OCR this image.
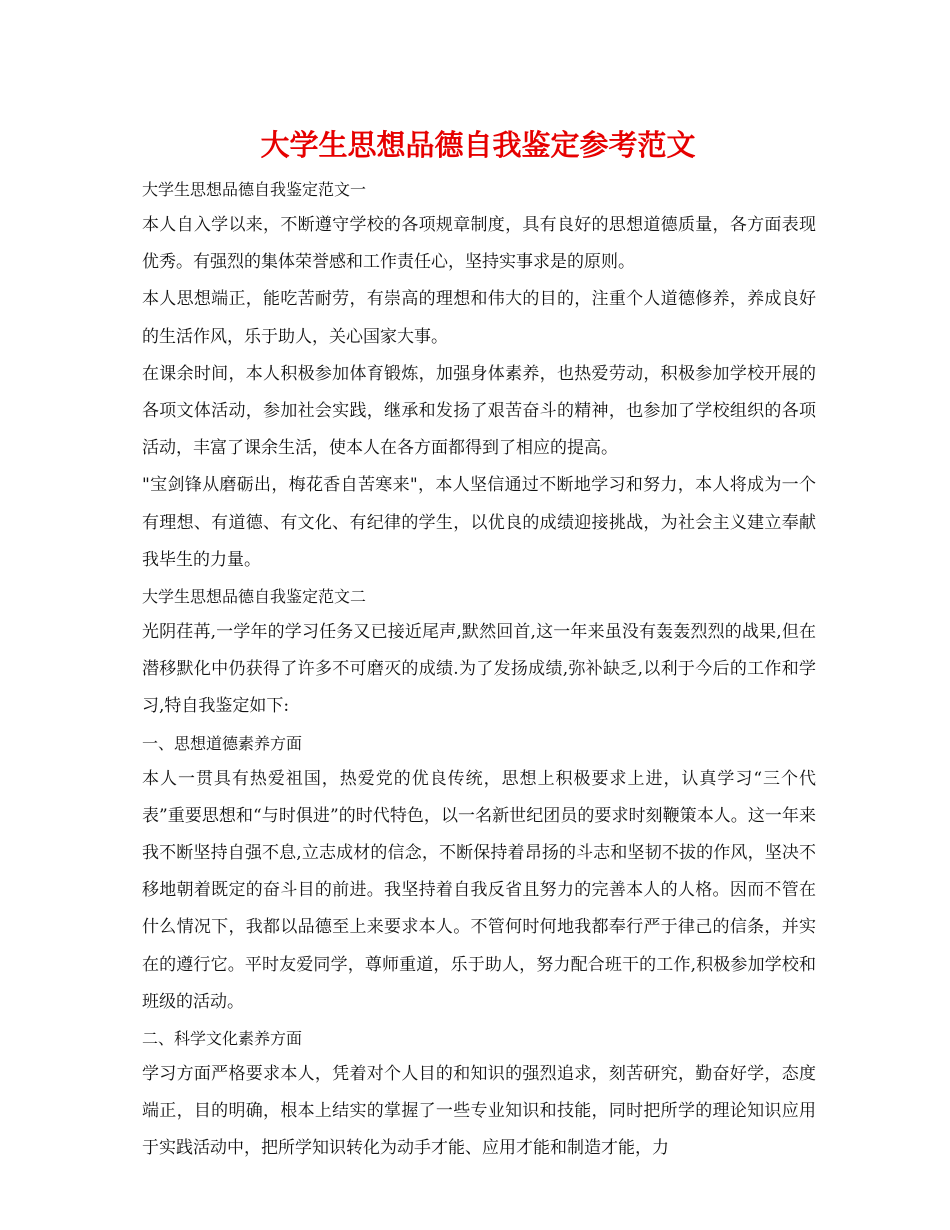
大学生思想品德自我鉴定参考范文

大学生思想品德自我鉴定范文一

本人自入学以来，不断遵守学校的各项规章制度，具有良好的思想道德质量，各方面表现优秀。有强烈的集体荣誉感和工作责任心，坚持实事求是的原则。

本人思想端正，能吃苦耐劳，有崇高的理想和伟大的目的，注重个人道德修养，养成良好的生活作风，乐于助人，关心国家大事。

在课余时间，本人积极参加体育锻炼，加强身体素养，也热爱劳动，积极参加学校开展的各项文体活动，参加社会实践，继承和发扬了艰苦奋斗的精神，也参加了学校组织的各项活动，丰富了课余生活，使本人在各方面都得到了相应的提高。

"宝剑锋从磨砺出，梅花香自苦寒来"，本人坚信通过不断地学习和努力，本人将成为一个有理想、有道德、有文化、有纪律的学生，以优良的成绩迎接挑战，为社会主义建立奉献我毕生的力量。

大学生思想品德自我鉴定范文二

光阴荏苒,一学年的学习任务又已接近尾声,默然回首,这一年来虽没有轰轰烈烈的战果,但在潜移默化中仍获得了许多不可磨灭的成绩.为了发扬成绩,弥补缺乏,以利于今后的工作和学习,特自我鉴定如下:

一、思想道德素养方面

本人一贯具有热爱祖国，热爱党的优良传统，思想上积极要求上进，认真学习“三个代表”重要思想和“与时俱进”的时代特色，以一名新世纪团员的要求时刻鞭策本人。这一年来我不断坚持自强不息,立志成材的信念，不断保持着昂扬的斗志和坚韧不拔的作风，坚决不移地朝着既定的奋斗目的前进。我坚持着自我反省且努力的完善本人的人格。因而不管在什么情况下，我都以品德至上来要求本人。不管何时何地我都奉行严于律己的信条，并实在的遵行它。平时友爱同学，尊师重道，乐于助人，努力配合班干的工作,积极参加学校和班级的活动。

二、科学文化素养方面

学习方面严格要求本人，凭着对个人目的和知识的强烈追求，刻苦研究，勤奋好学，态度端正，目的明确，根本上结实的掌握了一些专业知识和技能，同时把所学的理论知识应用于实践活动中，把所学知识转化为动手才能、应用才能和制造才能，力
